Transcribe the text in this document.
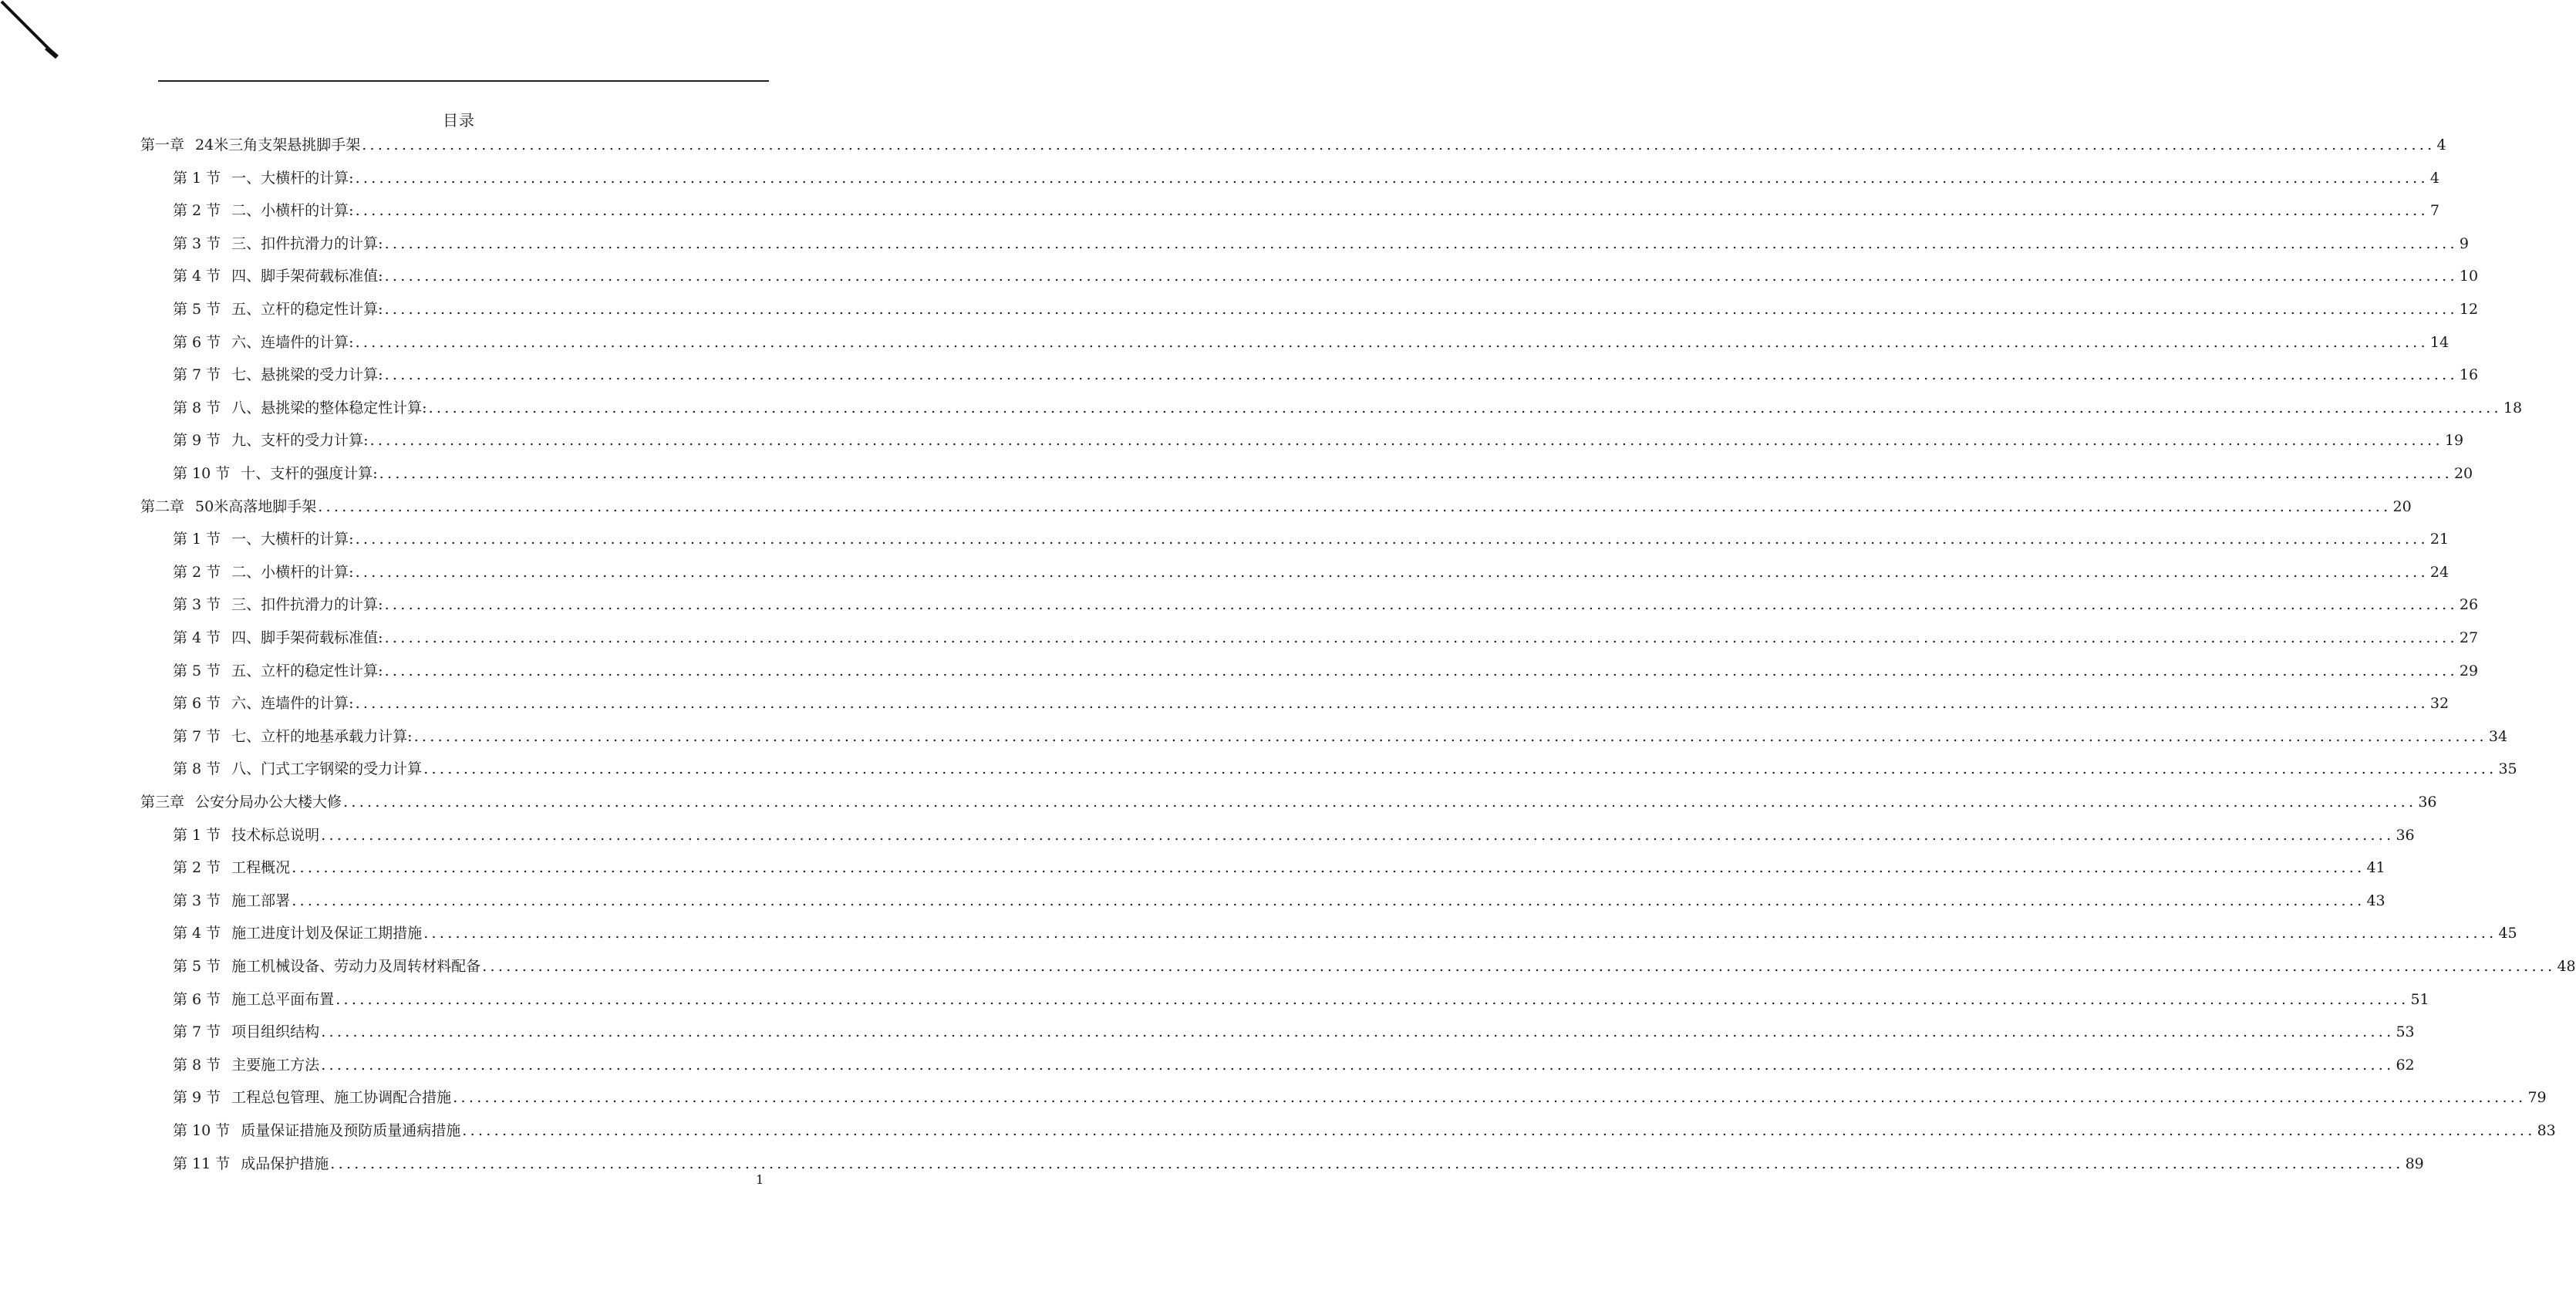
目录
第一章 24米三角支架悬挑脚手架 .................................................................................................................................................................................................................................................................... 4
第 1 节 一、大横杆的计算: .................................................................................................................................................................................................................................................................... 4
第 2 节 二、小横杆的计算: .................................................................................................................................................................................................................................................................... 7
第 3 节 三、扣件抗滑力的计算: .................................................................................................................................................................................................................................................................... 9
第 4 节 四、脚手架荷载标准值: .................................................................................................................................................................................................................................................................... 10
第 5 节 五、立杆的稳定性计算: .................................................................................................................................................................................................................................................................... 12
第 6 节 六、连墙件的计算: .................................................................................................................................................................................................................................................................... 14
第 7 节 七、悬挑梁的受力计算: .................................................................................................................................................................................................................................................................... 16
第 8 节 八、悬挑梁的整体稳定性计算: .................................................................................................................................................................................................................................................................... 18
第 9 节 九、支杆的受力计算: .................................................................................................................................................................................................................................................................... 19
第 10 节 十、支杆的强度计算: .................................................................................................................................................................................................................................................................... 20
第二章 50米高落地脚手架 .................................................................................................................................................................................................................................................................... 20
第 1 节 一、大横杆的计算: .................................................................................................................................................................................................................................................................... 21
第 2 节 二、小横杆的计算: .................................................................................................................................................................................................................................................................... 24
第 3 节 三、扣件抗滑力的计算: .................................................................................................................................................................................................................................................................... 26
第 4 节 四、脚手架荷载标准值: .................................................................................................................................................................................................................................................................... 27
第 5 节 五、立杆的稳定性计算: .................................................................................................................................................................................................................................................................... 29
第 6 节 六、连墙件的计算: .................................................................................................................................................................................................................................................................... 32
第 7 节 七、立杆的地基承载力计算: .................................................................................................................................................................................................................................................................... 34
第 8 节 八、门式工字钢梁的受力计算 .................................................................................................................................................................................................................................................................... 35
第三章 公安分局办公大楼大修 .................................................................................................................................................................................................................................................................... 36
第 1 节 技术标总说明 .................................................................................................................................................................................................................................................................... 36
第 2 节 工程概况 .................................................................................................................................................................................................................................................................... 41
第 3 节 施工部署 .................................................................................................................................................................................................................................................................... 43
第 4 节 施工进度计划及保证工期措施 .................................................................................................................................................................................................................................................................... 45
第 5 节 施工机械设备、劳动力及周转材料配备 .................................................................................................................................................................................................................................................................... 48
第 6 节 施工总平面布置 .................................................................................................................................................................................................................................................................... 51
第 7 节 项目组织结构 .................................................................................................................................................................................................................................................................... 53
第 8 节 主要施工方法 .................................................................................................................................................................................................................................................................... 62
第 9 节 工程总包管理、施工协调配合措施 .................................................................................................................................................................................................................................................................... 79
第 10 节 质量保证措施及预防质量通病措施 .................................................................................................................................................................................................................................................................... 83
第 11 节 成品保护措施 .................................................................................................................................................................................................................................................................... 89
1
